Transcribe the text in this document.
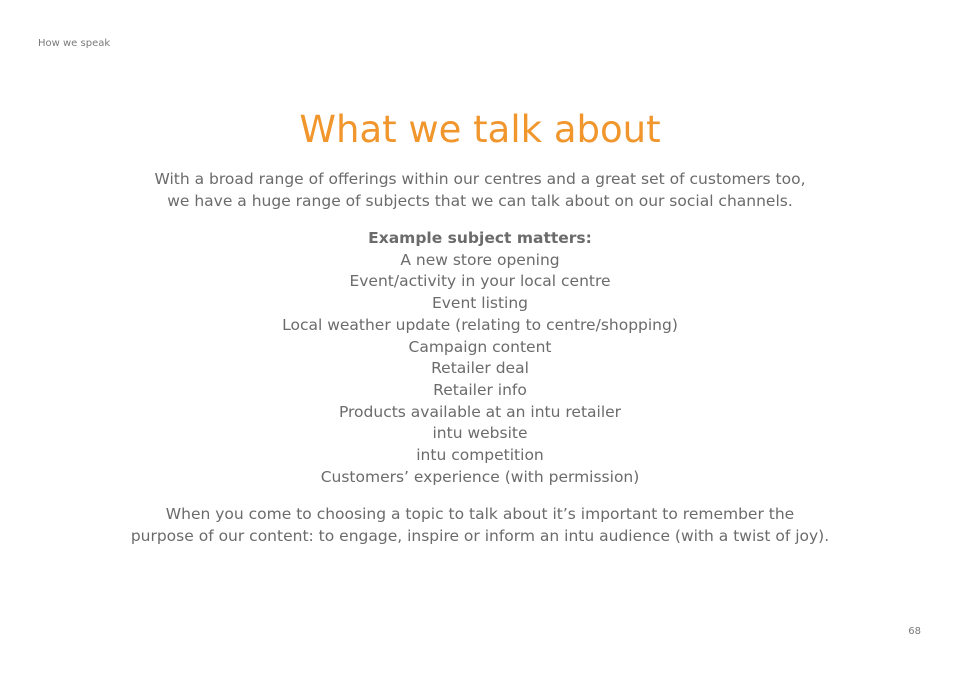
How we speak
What we talk about
With a broad range of offerings within our centres and a great set of customers too,
we have a huge range of subjects that we can talk about on our social channels.
Example subject matters:
A new store opening
Event/activity in your local centre
Event listing
Local weather update (relating to centre/shopping)
Campaign content
Retailer deal
Retailer info
Products available at an intu retailer
intu website
intu competition
Customers’ experience (with permission)
When you come to choosing a topic to talk about it’s important to remember the
purpose of our content: to engage, inspire or inform an intu audience (with a twist of joy).
68
